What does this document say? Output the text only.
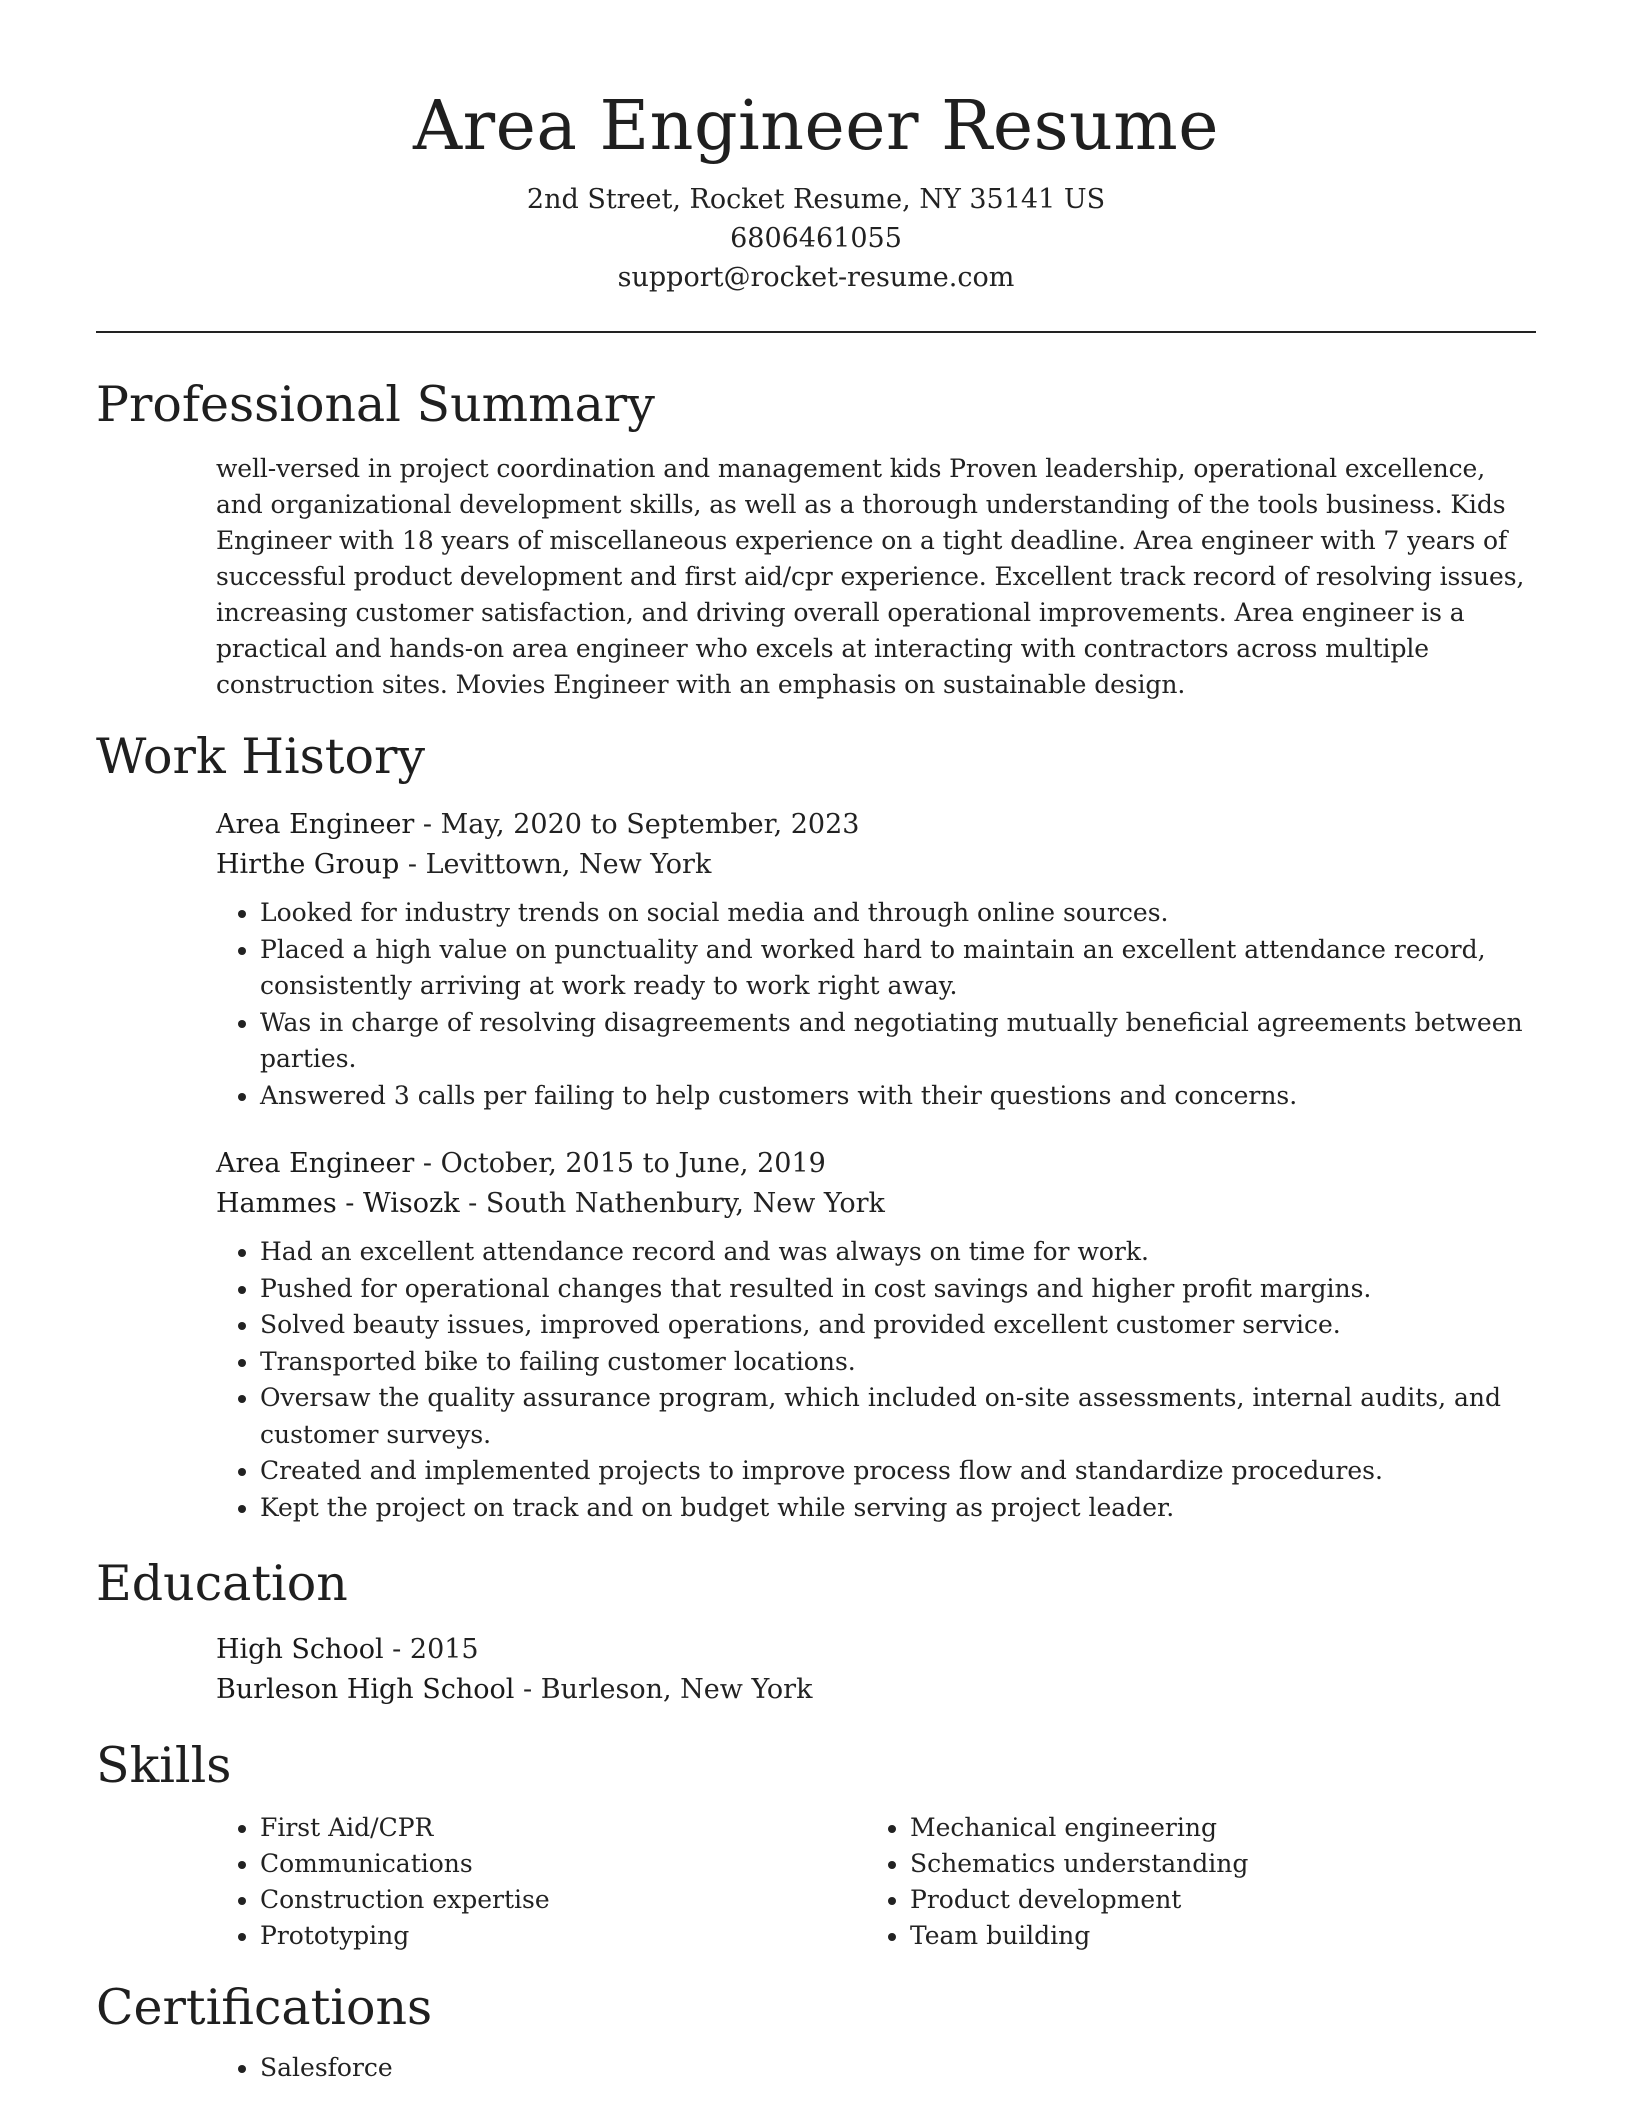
Area Engineer Resume

2nd Street, Rocket Resume, NY 35141 US

6806461055

support@rocket-resume.com

Professional Summary

well-versed in project coordination and management kids Proven leadership, operational excellence, and organizational development skills, as well as a thorough understanding of the tools business. Kids Engineer with 18 years of miscellaneous experience on a tight deadline. Area engineer with 7 years of successful product development and first aid/cpr experience. Excellent track record of resolving issues, increasing customer satisfaction, and driving overall operational improvements. Area engineer is a practical and hands-on area engineer who excels at interacting with contractors across multiple construction sites. Movies Engineer with an emphasis on sustainable design.

Work History

Area Engineer - May, 2020 to September, 2023

Hirthe Group - Levittown, New York

• Looked for industry trends on social media and through online sources.
• Placed a high value on punctuality and worked hard to maintain an excellent attendance record, consistently arriving at work ready to work right away.
• Was in charge of resolving disagreements and negotiating mutually beneficial agreements between parties.
• Answered 3 calls per failing to help customers with their questions and concerns.

Area Engineer - October, 2015 to June, 2019

Hammes - Wisozk - South Nathenbury, New York

• Had an excellent attendance record and was always on time for work.
• Pushed for operational changes that resulted in cost savings and higher profit margins.
• Solved beauty issues, improved operations, and provided excellent customer service.
• Transported bike to failing customer locations.
• Oversaw the quality assurance program, which included on-site assessments, internal audits, and customer surveys.
• Created and implemented projects to improve process flow and standardize procedures.
• Kept the project on track and on budget while serving as project leader.
Education

High School - 2015

Burleson High School - Burleson, New York

Skills
• First Aid/CPR
• Communications
• Construction expertise
• Prototyping
• Mechanical engineering
• Schematics understanding
• Product development
• Team building
Certifications
• Salesforce
